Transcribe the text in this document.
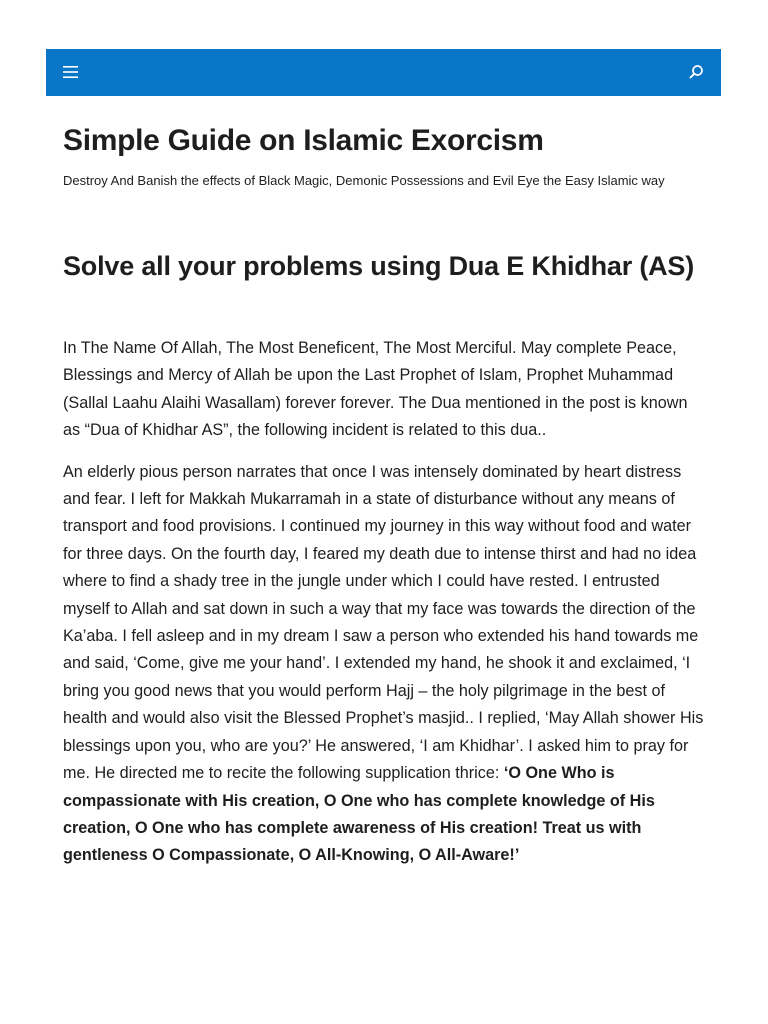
Simple Guide on Islamic Exorcism

Destroy And Banish the effects of Black Magic, Demonic Possessions and Evil Eye the Easy Islamic way

Solve all your problems using Dua E Khidhar (AS)

In The Name Of Allah, The Most Beneficent, The Most Merciful. May complete Peace, Blessings and Mercy of Allah be upon the Last Prophet of Islam, Prophet Muhammad (Sallal Laahu Alaihi Wasallam) forever forever. The Dua mentioned in the post is known as “Dua of Khidhar AS”, the following incident is related to this dua..

An elderly pious person narrates that once I was intensely dominated by heart distress and fear. I left for Makkah Mukarramah in a state of disturbance without any means of transport and food provisions. I continued my journey in this way without food and water for three days. On the fourth day, I feared my death due to intense thirst and had no idea where to find a shady tree in the jungle under which I could have rested. I entrusted myself to Allah and sat down in such a way that my face was towards the direction of the Ka’aba. I fell asleep and in my dream I saw a person who extended his hand towards me and said, ‘Come, give me your hand’. I extended my hand, he shook it and exclaimed, ‘I bring you good news that you would perform Hajj – the holy pilgrimage in the best of health and would also visit the Blessed Prophet’s masjid.. I replied, ‘May Allah shower His blessings upon you, who are you?’ He answered, ‘I am Khidhar’. I asked him to pray for me. He directed me to recite the following supplication thrice: ‘O One Who is compassionate with His creation, O One who has complete knowledge of His creation, O One who has complete awareness of His creation! Treat us with gentleness O Compassionate, O All-Knowing, O All-Aware!’
